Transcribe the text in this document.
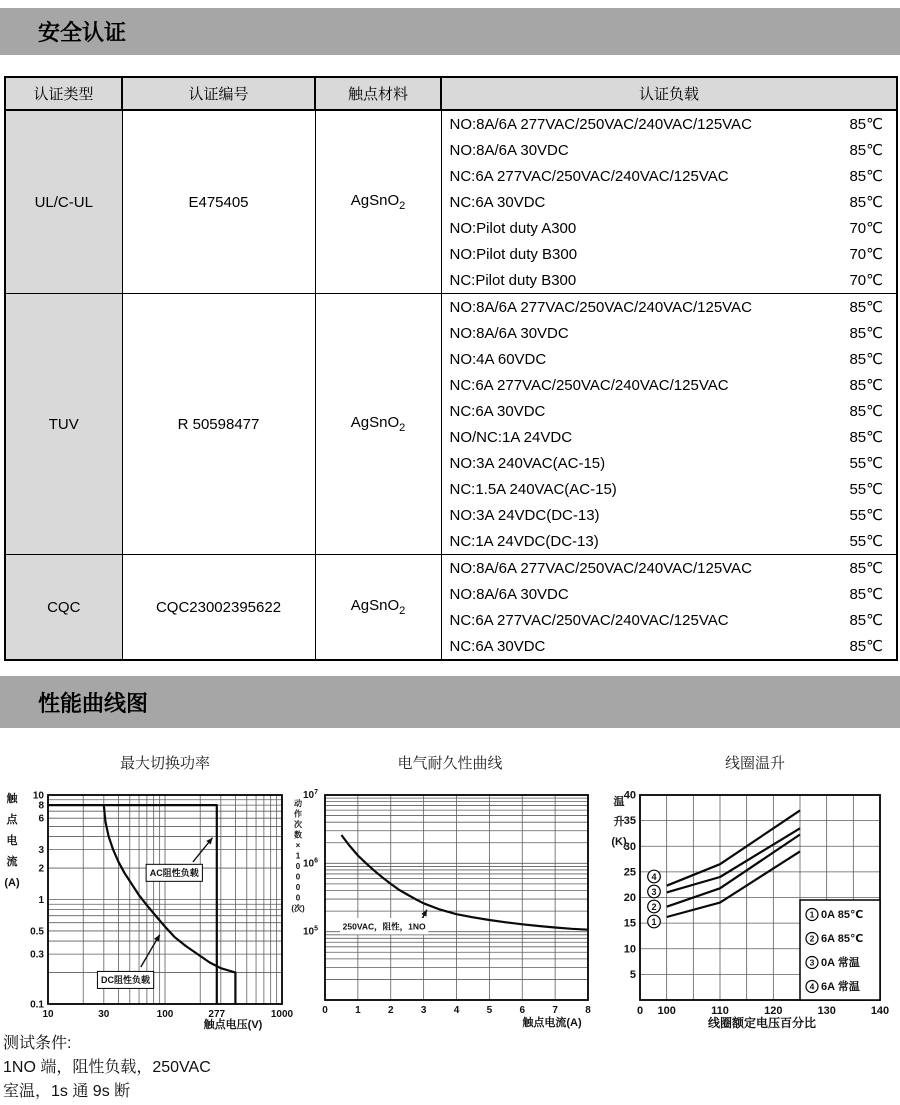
安全认证
认证类型	认证编号	触点材料	认证负载
UL/C-UL	E475405	AgSnO$_2$	
NO:8A/6A 277VAC/250VAC/240VAC/125VAC	85℃
NO:8A/6A 30VDC	85℃
NC:6A 277VAC/250VAC/240VAC/125VAC	85℃
NC:6A 30VDC	85℃
NO:Pilot duty A300	70℃
NO:Pilot duty B300	70℃
NC:Pilot duty B300	70℃

TUV	R 50598477	AgSnO$_2$	
NO:8A/6A 277VAC/250VAC/240VAC/125VAC	85℃
NO:8A/6A 30VDC	85℃
NO:4A 60VDC	85℃
NC:6A 277VAC/250VAC/240VAC/125VAC	85℃
NC:6A 30VDC	85℃
NO/NC:1A 24VDC	85℃
NO:3A 240VAC(AC-15)	55℃
NC:1.5A 240VAC(AC-15)	55℃
NO:3A 24VDC(DC-13)	55℃
NC:1A 24VDC(DC-13)	55℃

CQC	CQC23002395622	AgSnO$_2$	
NO:8A/6A 277VAC/250VAC/240VAC/125VAC	85℃
NO:8A/6A 30VDC	85℃
NC:6A 277VAC/250VAC/240VAC/125VAC	85℃
NC:6A 30VDC	85℃
性能曲线图
最大切换功率	电气耐久性曲线	线圈温升
10	30	100	277	1000
10
8
6
3
2
1
0.5
0.3
0.1
触点电压(V)
触
点
电
流
(A)
AC阻性负载
DC阻性负载
0	1	2	3	4	5	6	7	8
$10^7$
$10^6$
$10^5$
触点电流(A)
动
作
次
数
×
1
0
0
0
0
(次)
250VAC，阻性，1NO	1
2
3
4
0 100	110	120	130	140
40
35
30
25
20
15
10
5
线圈额定电压百分比
温
升
(K)
1 0A 85℃
2 6A 85℃
3 0A 常温
4 6A 常温
测试条件:
1NO 端，阻性负载，250VAC
室温，1s 通 9s 断
